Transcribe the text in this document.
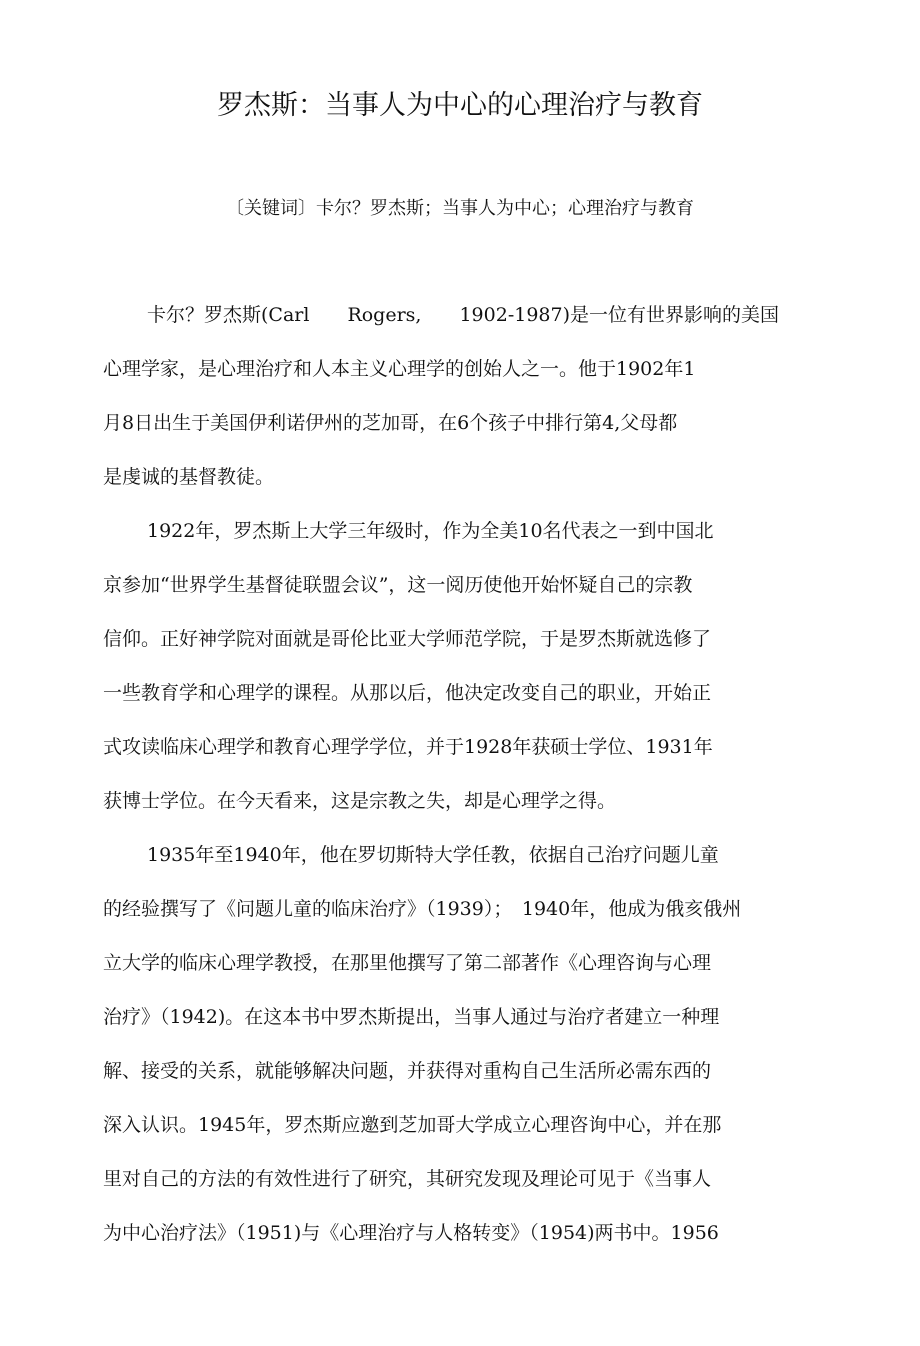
罗杰斯：当事人为中心的心理治疗与教育

〔关键词〕卡尔？罗杰斯；当事人为中心；心理治疗与教育

卡尔？罗杰斯(Carl　　Rogers,　　1902-1987)是一位有世界影响的美国
心理学家，是心理治疗和人本主义心理学的创始人之一。他于1902年1
月8日出生于美国伊利诺伊州的芝加哥，在6个孩子中排行第4,父母都
是虔诚的基督教徒。
1922年，罗杰斯上大学三年级时，作为全美10名代表之一到中国北
京参加“世界学生基督徒联盟会议”，这一阅历使他开始怀疑自己的宗教
信仰。正好神学院对面就是哥伦比亚大学师范学院，于是罗杰斯就选修了
一些教育学和心理学的课程。从那以后，他决定改变自己的职业，开始正
式攻读临床心理学和教育心理学学位，并于1928年获硕士学位、1931年
获博士学位。在今天看来，这是宗教之失，却是心理学之得。
1935年至1940年，他在罗切斯特大学任教，依据自己治疗问题儿童
的经验撰写了《问题儿童的临床治疗》（1939）；　1940年，他成为俄亥俄州
立大学的临床心理学教授，在那里他撰写了第二部著作《心理咨询与心理
治疗》（1942)。在这本书中罗杰斯提出，当事人通过与治疗者建立一种理
解、接受的关系，就能够解决问题，并获得对重构自己生活所必需东西的
深入认识。1945年，罗杰斯应邀到芝加哥大学成立心理咨询中心，并在那
里对自己的方法的有效性进行了研究，其研究发现及理论可见于《当事人
为中心治疗法》（1951)与《心理治疗与人格转变》（1954)两书中。1956
